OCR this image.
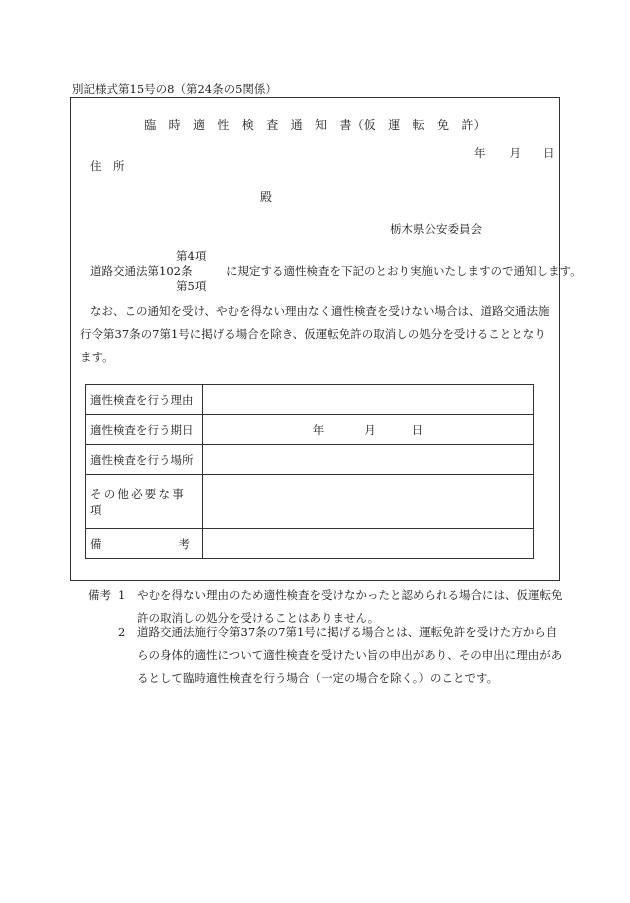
別記様式第15号の8（第24条の5関係）
臨　時　適　性　検　査　通　知　書（仮　運　転　免　許）
年 月 日
住　所
殿
栃木県公安委員会
道路交通法第102条
第4項
第5項
に規定する適性検査を下記のとおり実施いたしますので通知します。
なお、この通知を受け、やむを得ない理由なく適性検査を受けない場合は、道路交通法施行令第37条の7第1号に掲げる場合を除き、仮運転免許の取消しの処分を受けることとなります。
適性検査を行う理由	
適性検査を行う期日	年 月 日
適性検査を行う場所	
その他必要な事項	

備 考	

備考 1 やむを得ない理由のため適性検査を受けなかったと認められる場合には、仮運転免許の取消しの処分を受けることはありません。
2 道路交通法施行令第37条の7第1号に掲げる場合とは、運転免許を受けた方から自らの身体的適性について適性検査を受けたい旨の申出があり、その申出に理由があるとして臨時適性検査を行う場合（一定の場合を除く。）のことです。
